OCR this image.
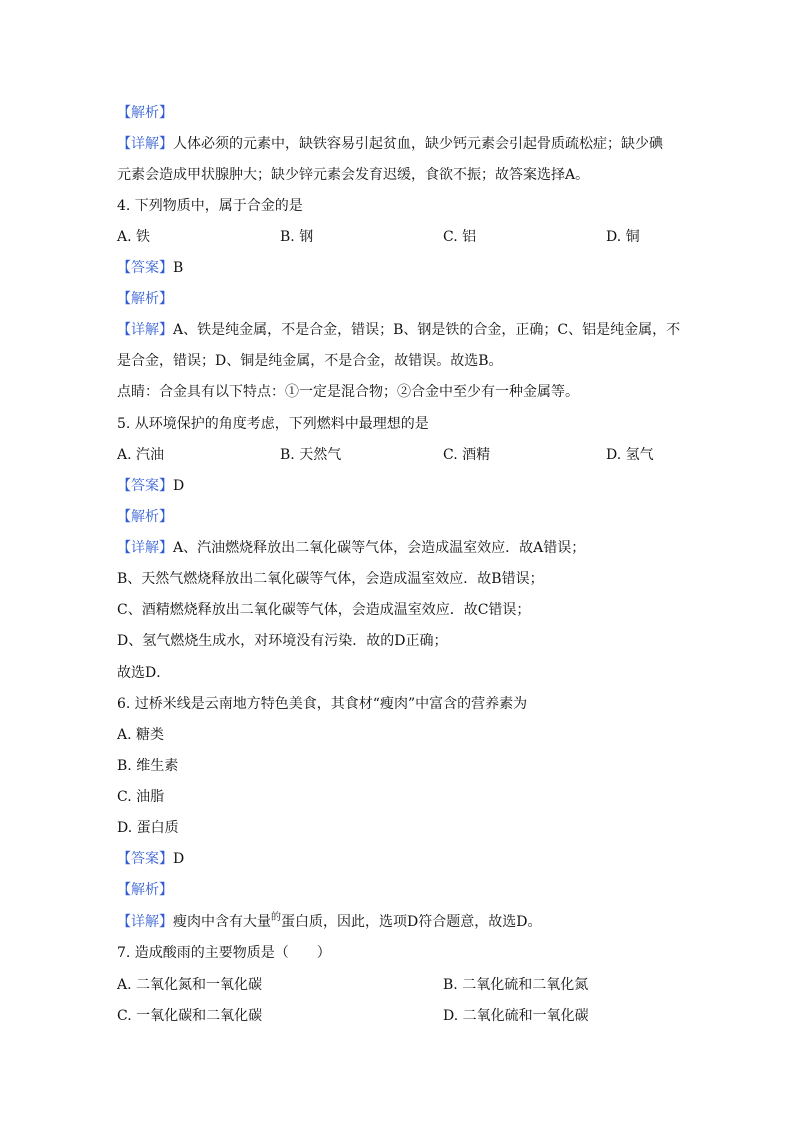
【解析】
【详解】人体必须的元素中，缺铁容易引起贫血，缺少钙元素会引起骨质疏松症；缺少碘
元素会造成甲状腺肿大；缺少锌元素会发育迟缓，食欲不振；故答案选择A。
4. 下列物质中，属于合金的是
A. 铁	B. 钢	C. 铝	D. 铜
【答案】B
【解析】
【详解】A、铁是纯金属，不是合金，错误；B、钢是铁的合金，正确；C、铝是纯金属，不
是合金，错误；D、铜是纯金属，不是合金，故错误。故选B。
点睛：合金具有以下特点：①一定是混合物；②合金中至少有一种金属等。
5. 从环境保护的角度考虑，下列燃料中最理想的是
A. 汽油	B. 天然气	C. 酒精	D. 氢气
【答案】D
【解析】
【详解】A、汽油燃烧释放出二氧化碳等气体，会造成温室效应．故A错误；
B、天然气燃烧释放出二氧化碳等气体，会造成温室效应．故B错误；
C、酒精燃烧释放出二氧化碳等气体，会造成温室效应．故C错误；
D、氢气燃烧生成水，对环境没有污染．故的D正确；
故选D．
6. 过桥米线是云南地方特色美食，其食材“瘦肉”中富含的营养素为
A. 糖类
B. 维生素
C. 油脂
D. 蛋白质
【答案】D
【解析】
【详解】瘦肉中含有大量$^的$蛋白质，因此，选项D符合题意，故选D。
7. 造成酸雨的主要物质是（　　）
A. 二氧化氮和一氧化碳	B. 二氧化硫和二氧化氮
C. 一氧化碳和二氧化碳	D. 二氧化硫和一氧化碳
